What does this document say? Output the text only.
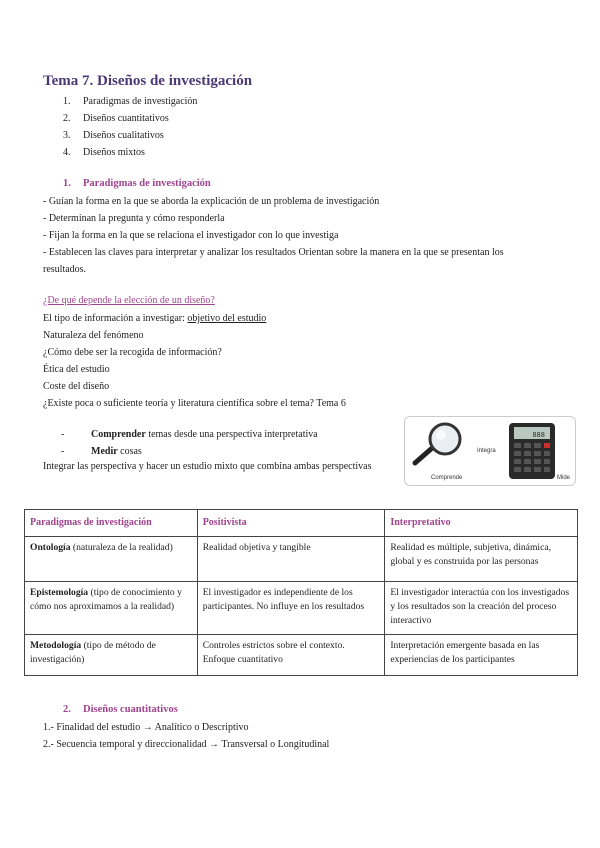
Tema 7. Diseños de investigación
1. Paradigmas de investigación
2. Diseños cuantitativos
3. Diseños cualitativos
4. Diseños mixtos
1. Paradigmas de investigación
- Guían la forma en la que se aborda la explicación de un problema de investigación
- Determinan la pregunta y cómo responderla
- Fijan la forma en la que se relaciona el investigador con lo que investiga
- Establecen las claves para interpretar y analizar los resultados Orientan sobre la manera en la que se presentan los
resultados.
¿De qué depende la elección de un diseño?
El tipo de información a investigar: objetivo del estudio
Naturaleza del fenómeno
¿Cómo debe ser la recogida de información?
Ética del estudio
Coste del diseño
¿Existe poca o suficiente teoría y literatura científica sobre el tema? Tema 6
-	Comprender temas desde una perspectiva interpretativa
-	Medir cosas
Integrar las perspectiva y hacer un estudio mixto que combina ambas perspectivas
888
Integra
Comprende	Mide
Paradigmas de investigación	Positivista	Interpretativo
Ontología (naturaleza de la realidad)	Realidad objetiva y tangible	Realidad es múltiple, subjetiva, dinámica, global y es construida por las personas
Epistemología (tipo de conocimiento y cómo nos aproximamos a la realidad)	El investigador es independiente de los participantes. No influye en los resultados	El investigador interactúa con los investigados y los resultados son la creación del proceso interactivo
Metodología (tipo de método de investigación)	Controles estrictos sobre el contexto. Enfoque cuantitativo	Interpretación emergente basada en las experiencias de los participantes
2. Diseños cuantitativos
1.- Finalidad del estudio → Analítico o Descriptivo
2.- Secuencia temporal y direccionalidad → Transversal o Longitudinal
